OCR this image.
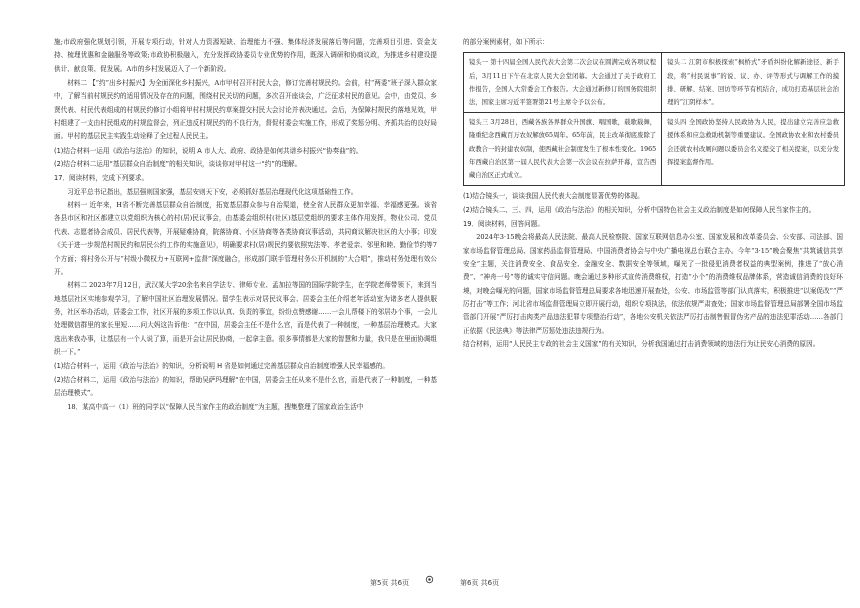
施;市政府强化规划引领，开展专项行动，针对人力资源短缺、治理能力不强、集体经济发展落后等问题，完善项目引进、资金支持、梳理优惠和金融服务等政策;市政协积极融入，充分发挥政协委员专业优势的作用，既深入调研和协商议政，为推进乡村建设提供计、献良策、促发展。A市的乡村发展迈入了一个新阶段。

材料二 【“约”出乡村振兴】为全面深化乡村振兴，A市甲村召开村民大会，修订完善村规民约。会前，村“两委”班子深入群众家中，了解当前村规民约的适用情况及存在的问题，围绕村民关切的问题，多次召开座谈会，广泛征求村民的意见。会中，由党员、乡贤代表、村民代表组成的村规民约修订小组将甲村村规民约草案提交村民大会讨论并表决通过。会后，为保障村规民约落地见效，甲村组建了一支由村民组成的村规监督会，列正违反村规民约的不良行为，督促村委会实施工作，形成了奖惩分明、齐抓共治的良好局面。甲村的基层民主实践生动诠释了全过程人民民主。

(1)结合材料一运用《政治与法治》的知识，说明 A 市人大、政府、政协是如何共谱乡村振兴“协奏曲”的。

(2)结合材料二运用“基层群众自治制度”的相关知识，谈谈你对甲村这一“约”的理解。

17．阅读材料，完成下列要求。

习近平总书记指出，基层强则国家强，基层安则天下安，必须抓好基层治理现代化这项基础性工作。

材料一 近年来，H省不断完善基层群众自治制度，拓宽基层群众参与自治渠道，使全省人民群众更加幸福、幸福感更强。该省各县市区和社区都建立以党组织为核心的村(居)民议事会，由基委会组织村(社区)基层党组织的要求主体作用发挥，物业公司、党员代表、志愿者协会成员、居民代表等，开展疑难协商，院落协商、小区协商等各类协商议事活动，共同商议解决社区的大小事；印发《关于进一步规范村规民约和居民公约工作的实施意见》，明确要求村(居)规民约要依照宪法等、孝老爱亲、邻里和睦、勤俭节约等7个方面；将村务公开与“村级小微权力+互联网+监督”深度融合，形成部门联手管理村务公开机制的“大合唱”，推动村务处理有效公开。

材料二 2023年7月12日，武汉某大学20余名来自学法专、律师专业、孟加拉等国的国际学院学生，在学院老师带领下，来到当地基层社区实地参观学习，了解中国社区治理发展情况。留学生表示对居民议事会、居委会主任介绍老年活动室为诸多老人提供服务，社区举办活动，居委会工作，社区开展的多项工作以认真、负责的事宜，纷纷点赞感谢……一会儿帮楼下的邻居办个事，一会儿处理微信群里的家长里短……问大妈这告诉他：“在中国，居委会主任不是什么官，而是代表了一种制度，一种基层治理模式。大家选出来我办事，让基层有一个人说了算，而是开会让居民协商，一起拿主意。很多事情都是大家的智慧和力量，我只是在里面协调组织一下。”

(1)结合材料一，运用《政治与法治》的知识，分析说明 H 省是如何通过完善基层群众自治制度增强人民幸福感的。

(2)结合材料二，运用《政治与法治》的知识，帮助吴萨玛理解“在中国，居委会主任从来不是什么官，而是代表了一种制度，一种基层治理模式”。

18．某高中高一（1）班的同学以“保障人民当家作主的政治制度”为主题，搜集整理了国家政治生活中

的部分案例素材，如下所示：

镜头一 第十四届全国人民代表大会第二次会议在圆满完成各项议程后，3月11日下午在北京人民大会堂闭幕。大会通过了关于政府工作报告，全国人大常委会工作报告。大会通过新修订的国务院组织法，国家主席习近平签署第21号主席令予以公布。	镜头二 江阴市积极探索“枫桥式”矛盾纠纷化解新途径、新手段，将“村民说事”的说、议、办、评等形式与调解工作的摸排、研解、结案、回访等环节有机结合，成功打造基层社会治理的“江阴样本”。
镜头三 3月28日，西藏各族各界群众升国旗、唱国歌，载歌载舞，隆重纪念西藏百万农奴解放65周年。65年前，民主改革彻底废除了政教合一的封建农奴制，使西藏社会制度发生了根本性变化。1965年西藏自治区第一届人民代表大会第一次会议在拉萨开幕，宣告西藏自治区正式成立。	镜头四 全国政协坚持人民政协为人民，提出建立完善应急救援体系和应急救助机制等重要建议。全国政协农业和农村委员会还就农村改厕问题以委员会名义提交了相关提案，以充分发挥提案监督作用。

(1)结合镜头一，谈谈我国人民代表大会制度显著优势的体现。

(2)结合镜头二、三、四，运用《政治与法治》的相关知识，分析中国特色社会主义政治制度是如何保障人民当家作主的。

19．阅读材料，回答问题。

2024年3·15晚会将最高人民法院、最高人民检察院、国家互联网信息办公室、国家发展和改革委员会、公安部、司法部、国家市场监督管理总局、国家药品监督管理局、中国消费者协会与中央广播电视总台联合主办。今年“3·15”晚会聚焦“共筑诚信共享安全”主题，关注消费安全、食品安全、金融安全、数据安全等领域，曝光了一批侵犯消费者权益的典型案例，推进了“放心消费”、“神舟一号”等的诚实守信问题。晚会通过多种形式宣传消费维权，打造“小个”的消费维权品牌体系，营造诚信消费的良好环境，对晚会曝光的问题，国家市场监督管理总局要求各地迅速开展查处，公安、市场监管等部门认真落实，积极推进“以案促改”“严厉打击”等工作；河北省市场监督管理局立即开展行动，组织专项执法，依法依规严肃查处；国家市场监督管理总局部署全国市场监管部门开展“严厉打击肉类产品违法犯罪专项整治行动”，各地公安机关依法严厉打击制售假冒伪劣产品的违法犯罪活动……各部门正依据《民法典》等法律严厉惩处违法违规行为。

结合材料，运用“人民民主专政的社会主义国家”的有关知识，分析我国通过打击消费领域的违法行为让民安心消费的原因。

第5页 共6页	第6页 共6页
